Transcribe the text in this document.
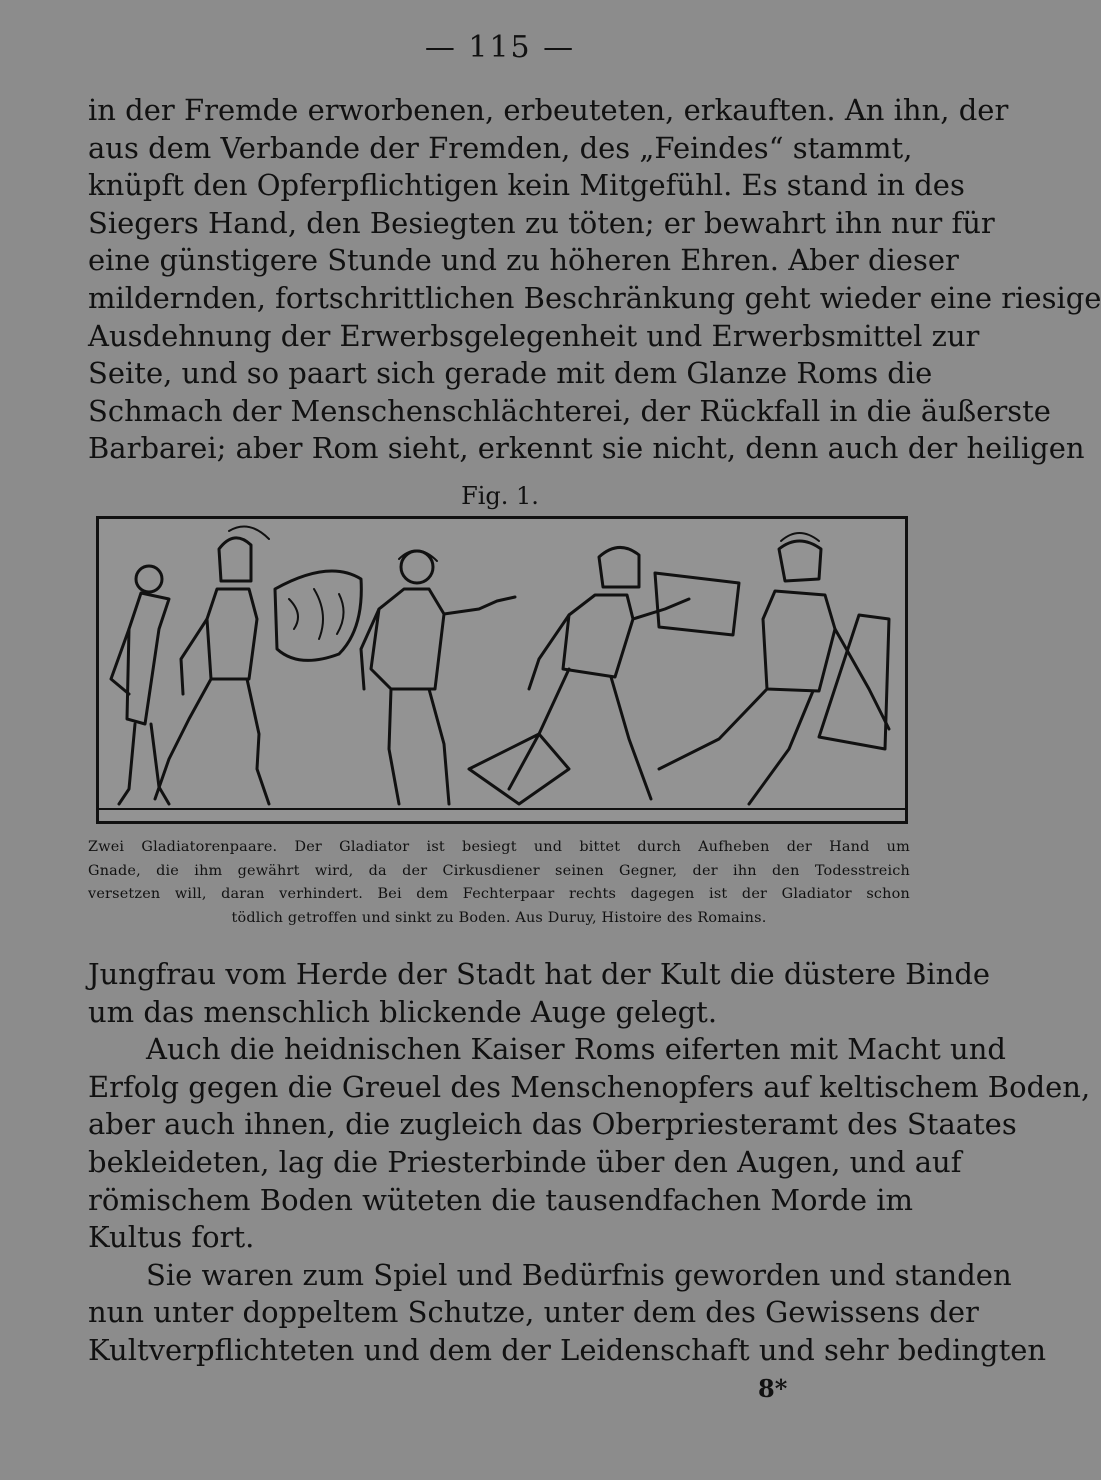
— 115 —
in der Fremde erworbenen, erbeuteten, erkauften. An ihn, der
aus dem Verbande der Fremden, des „Feindes“ stammt,
knüpft den Opferpflichtigen kein Mitgefühl. Es stand in des
Siegers Hand, den Besiegten zu töten; er bewahrt ihn nur für
eine günstigere Stunde und zu höheren Ehren. Aber dieser
mildernden, fortschrittlichen Beschränkung geht wieder eine riesige
Ausdehnung der Erwerbsgelegenheit und Erwerbsmittel zur
Seite, und so paart sich gerade mit dem Glanze Roms die
Schmach der Menschenschlächterei, der Rückfall in die äußerste
Barbarei; aber Rom sieht, erkennt sie nicht, denn auch der heiligen
Fig. 1.
Zwei Gladiatorenpaare. Der Gladiator ist besiegt und bittet durch Aufheben der Hand um
Gnade, die ihm gewährt wird, da der Cirkusdiener seinen Gegner, der ihn den Todesstreich
versetzen will, daran verhindert. Bei dem Fechterpaar rechts dagegen ist der Gladiator schon
tödlich getroffen und sinkt zu Boden. Aus Duruy, Histoire des Romains.
Jungfrau vom Herde der Stadt hat der Kult die düstere Binde
um das menschlich blickende Auge gelegt.
Auch die heidnischen Kaiser Roms eiferten mit Macht und
Erfolg gegen die Greuel des Menschenopfers auf keltischem Boden,
aber auch ihnen, die zugleich das Oberpriesteramt des Staates
bekleideten, lag die Priesterbinde über den Augen, und auf
römischem Boden wüteten die tausendfachen Morde im
Kultus fort.
Sie waren zum Spiel und Bedürfnis geworden und standen
nun unter doppeltem Schutze, unter dem des Gewissens der
Kultverpflichteten und dem der Leidenschaft und sehr bedingten
8*
